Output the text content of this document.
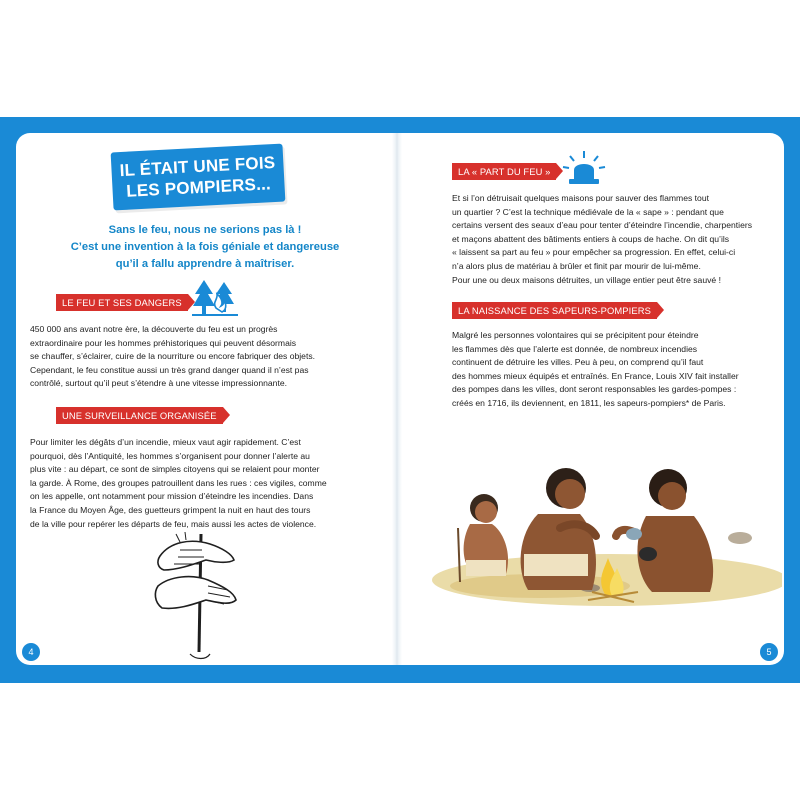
IL ÉTAIT UNE FOIS
LES POMPIERS...
Sans le feu, nous ne serions pas là !
C’est une invention à la fois géniale et dangereuse
qu’il a fallu apprendre à maîtriser.
LE FEU ET SES DANGERS
450 000 ans avant notre ère, la découverte du feu est un progrès
extraordinaire pour les hommes préhistoriques qui peuvent désormais
se chauffer, s’éclairer, cuire de la nourriture ou encore fabriquer des objets.
Cependant, le feu constitue aussi un très grand danger quand il n’est pas
contrôlé, surtout qu’il peut s’étendre à une vitesse impressionnante.
UNE SURVEILLANCE ORGANISÉE
Pour limiter les dégâts d’un incendie, mieux vaut agir rapidement. C’est
pourquoi, dès l’Antiquité, les hommes s’organisent pour donner l’alerte au
plus vite : au départ, ce sont de simples citoyens qui se relaient pour monter
la garde. À Rome, des groupes patrouillent dans les rues : ces vigiles, comme
on les appelle, ont notamment pour mission d’éteindre les incendies. Dans
la France du Moyen Âge, des guetteurs grimpent la nuit en haut des tours
de la ville pour repérer les départs de feu, mais aussi les actes de violence.
4
LA « PART DU FEU »
Et si l’on détruisait quelques maisons pour sauver des flammes tout
un quartier ? C’est la technique médiévale de la « sape » : pendant que
certains versent des seaux d’eau pour tenter d’éteindre l’incendie, charpentiers
et maçons abattent des bâtiments entiers à coups de hache. On dit qu’ils
« laissent sa part au feu » pour empêcher sa progression. En effet, celui-ci
n’a alors plus de matériau à brûler et finit par mourir de lui-même.
Pour une ou deux maisons détruites, un village entier peut être sauvé !
LA NAISSANCE DES SAPEURS-POMPIERS
Malgré les personnes volontaires qui se précipitent pour éteindre
les flammes dès que l’alerte est donnée, de nombreux incendies
continuent de détruire les villes. Peu à peu, on comprend qu’il faut
des hommes mieux équipés et entraînés. En France, Louis XIV fait installer
des pompes dans les villes, dont seront responsables les gardes-pompes :
créés en 1716, ils deviennent, en 1811, les sapeurs-pompiers* de Paris.
5
